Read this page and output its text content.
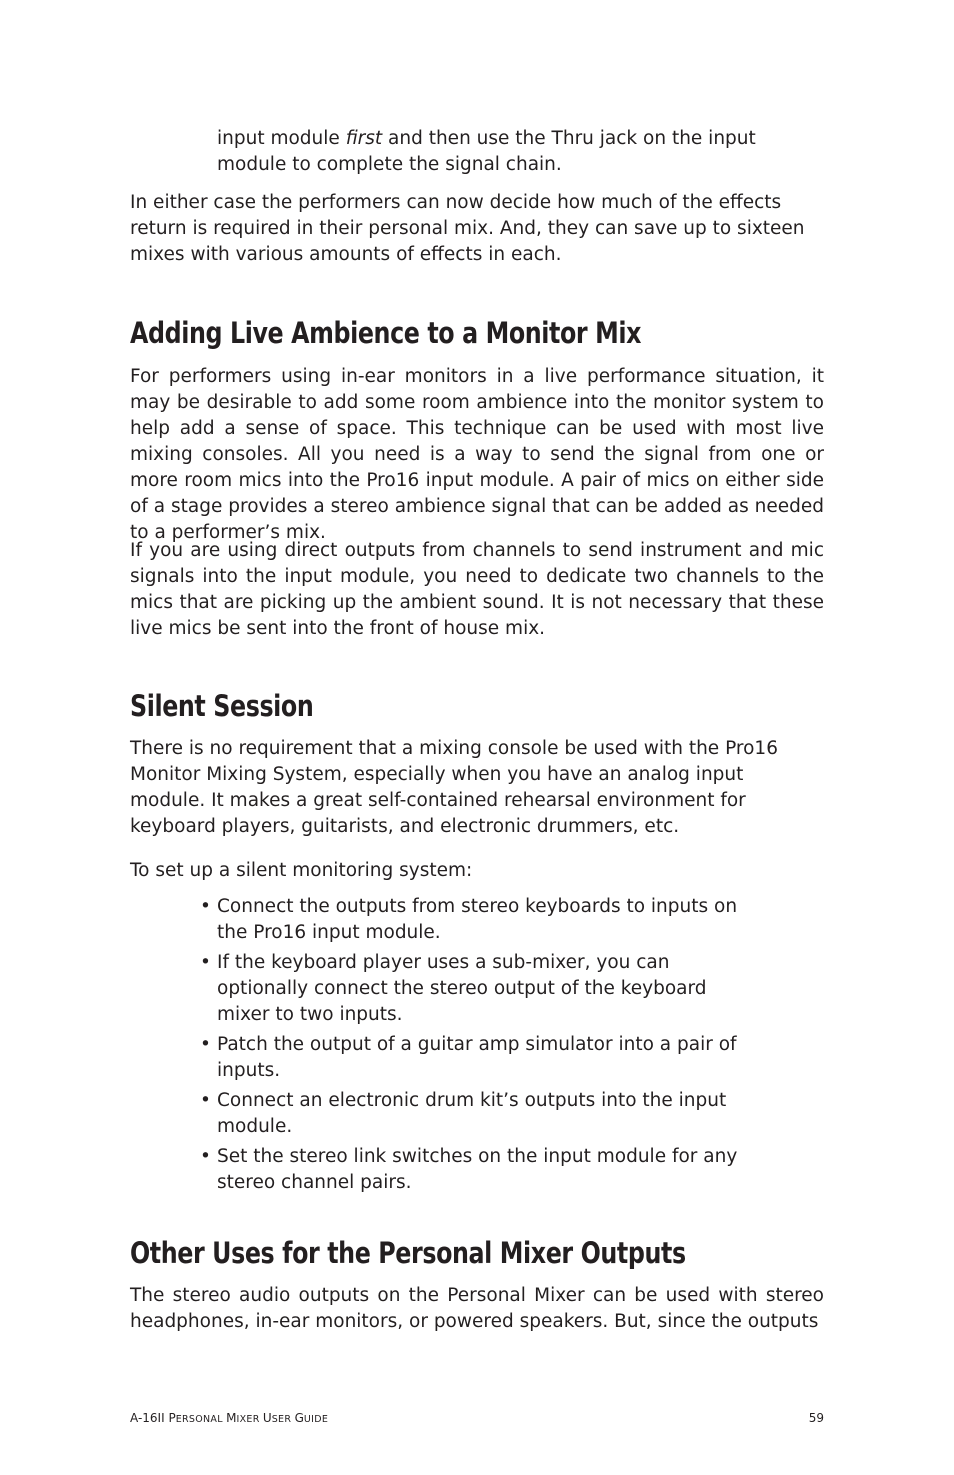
input module first and then use the Thru jack on the input module to complete the signal chain.

In either case the performers can now decide how much of the effects return is required in their personal mix. And, they can save up to sixteen mixes with various amounts of effects in each.

Adding Live Ambience to a Monitor Mix

For performers using in-ear monitors in a live performance situation, it may be desirable to add some room ambience into the monitor system to help add a sense of space. This technique can be used with most live mixing consoles. All you need is a way to send the signal from one or more room mics into the Pro16 input module. A pair of mics on either side of a stage provides a stereo ambience signal that can be added as needed to a performer’s mix.

If you are using direct outputs from channels to send instrument and mic signals into the input module, you need to dedicate two channels to the mics that are picking up the ambient sound. It is not necessary that these live mics be sent into the front of house mix.

Silent Session

There is no requirement that a mixing console be used with the Pro16 Monitor Mixing System, especially when you have an analog input module. It makes a great self-contained rehearsal environment for keyboard players, guitarists, and electronic drummers, etc.

To set up a silent monitoring system:

• Connect the outputs from stereo keyboards to inputs on the Pro16 input module.
• If the keyboard player uses a sub-mixer, you can optionally connect the stereo output of the keyboard mixer to two inputs.
• Patch the output of a guitar amp simulator into a pair of inputs.
• Connect an electronic drum kit’s outputs into the input module.
• Set the stereo link switches on the input module for any stereo channel pairs.
Other Uses for the Personal Mixer Outputs

The stereo audio outputs on the Personal Mixer can be used with stereo headphones, in-ear monitors, or powered speakers. But, since the outputs

A-16II PERSONAL MIXER USER GUIDE	59
